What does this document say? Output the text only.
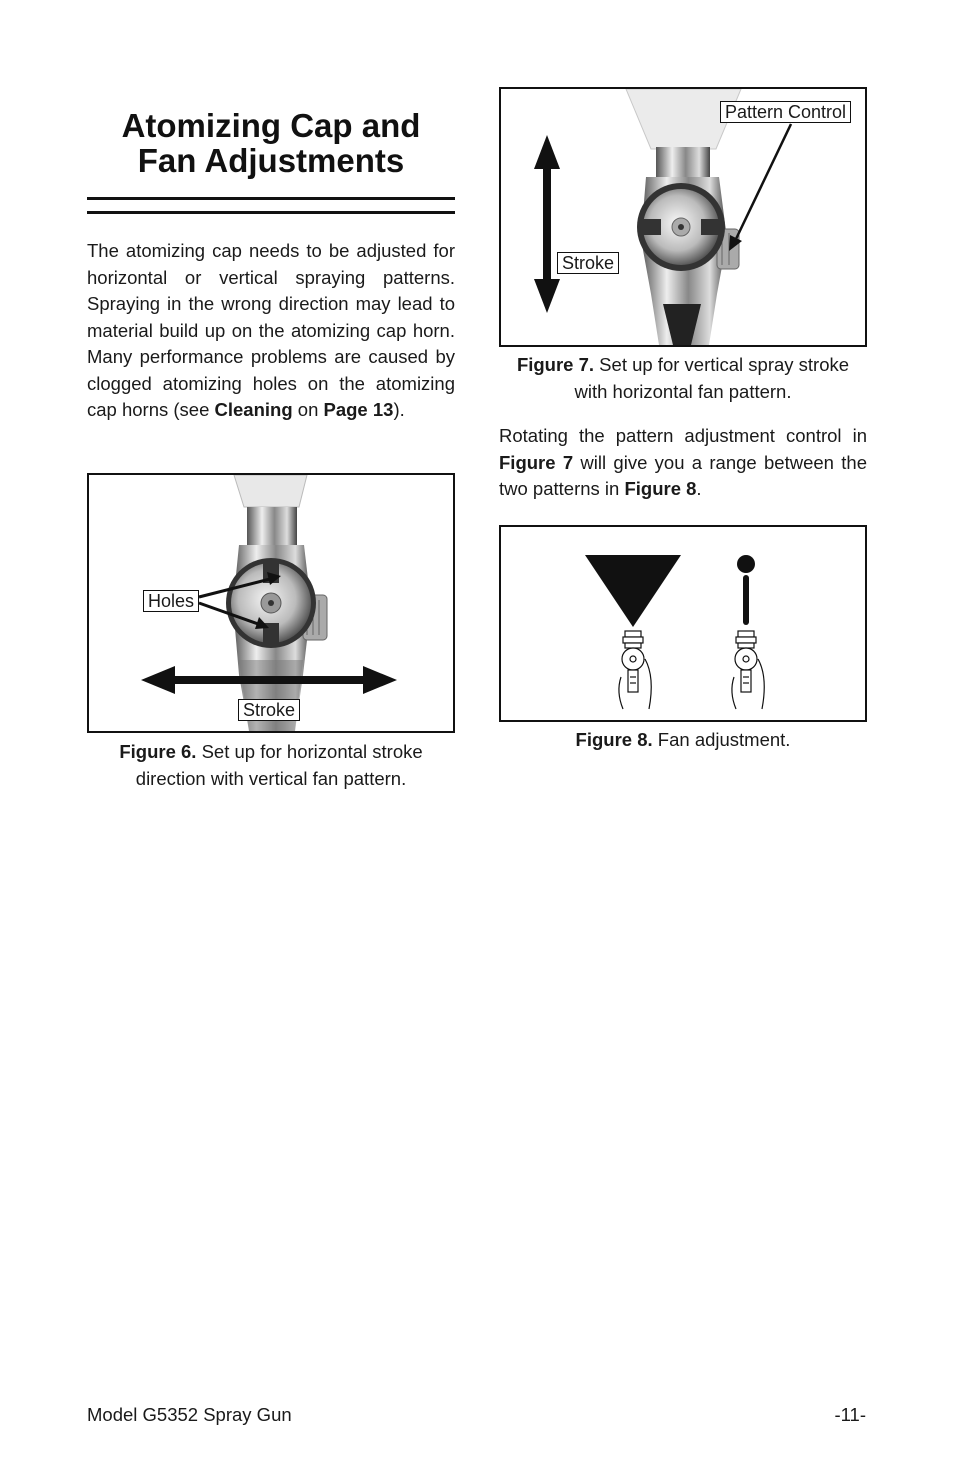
Atomizing Cap and
Fan Adjustments

The atomizing cap needs to be adjusted for horizontal or vertical spraying patterns. Spraying in the wrong direction may lead to material build up on the atomizing cap horn. Many performance problems are caused by clogged atomizing holes on the atomizing cap horns (see Cleaning on Page 13).

Holes
Stroke

Figure 6. Set up for horizontal stroke direction with vertical fan pattern.

Pattern Control
Stroke

Figure 7. Set up for vertical spray stroke with horizontal fan pattern.

Rotating the pattern adjustment control in Figure 7 will give you a range between the two patterns in Figure 8.

Figure 8. Fan adjustment.

Model G5352 Spray Gun	-11-
